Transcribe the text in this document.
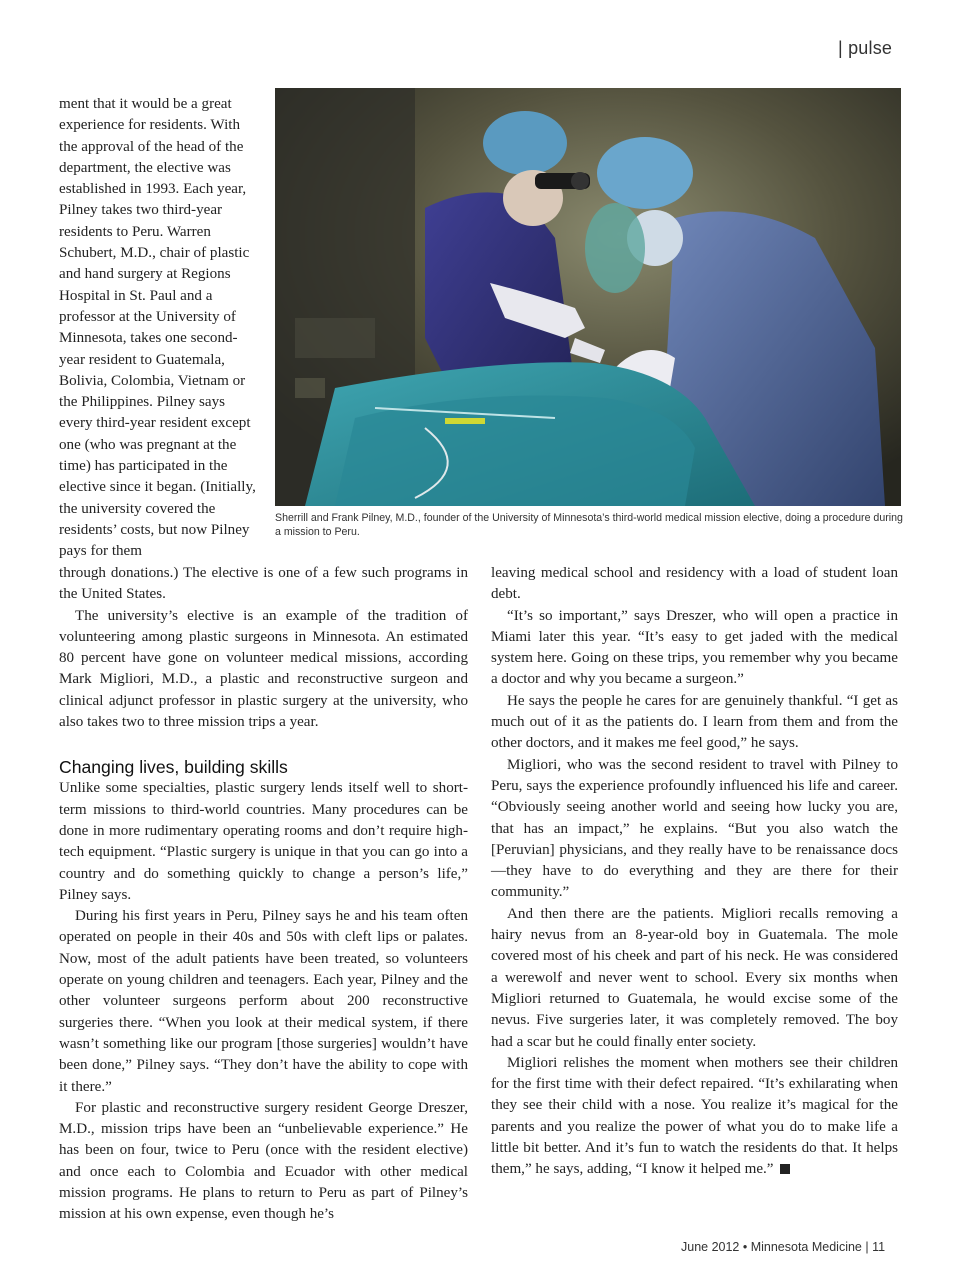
| pulse
Sherrill and Frank Pilney, M.D., founder of the University of Minnesota’s third-world medical mission elective, doing a procedure during a mission to Peru.

ment that it would be a great experience for residents. With the approval of the head of the department, the elective was established in 1993. Each year, Pilney takes two third-year residents to Peru. Warren Schubert, M.D., chair of plastic and hand surgery at Regions Hospital in St. Paul and a professor at the University of Minnesota, takes one second-year resident to Guatemala, Bolivia, Colombia, Vietnam or the Philippines. Pilney says every third-year resident except one (who was pregnant at the time) has participated in the elective since it began. (Initially, the university covered the residents’ costs, but now Pilney pays for them

through donations.) The elective is one of a few such programs in the United States.

The university’s elective is an example of the tradition of volunteering among plastic surgeons in Minnesota. An estimated 80 percent have gone on volunteer medical missions, according Mark Migliori, M.D., a plastic and reconstructive surgeon and clinical adjunct professor in plastic surgery at the university, who also takes two to three mission trips a year.

Changing lives, building skills

Unlike some specialties, plastic surgery lends itself well to short-term missions to third-world countries. Many procedures can be done in more rudimentary operating rooms and don’t require high-tech equipment. “Plastic surgery is unique in that you can go into a country and do something quickly to change a person’s life,” Pilney says.

During his first years in Peru, Pilney says he and his team often operated on people in their 40s and 50s with cleft lips or palates. Now, most of the adult patients have been treated, so volunteers operate on young children and teenagers. Each year, Pilney and the other volunteer surgeons perform about 200 reconstructive surgeries there. “When you look at their medical system, if there wasn’t something like our program [those surgeries] wouldn’t have been done,” Pilney says. “They don’t have the ability to cope with it there.”

For plastic and reconstructive surgery resident George Dreszer, M.D., mission trips have been an “unbelievable experience.” He has been on four, twice to Peru (once with the resident elective) and once each to Colombia and Ecuador with other medical mission programs. He plans to return to Peru as part of Pilney’s mission at his own expense, even though he’s

leaving medical school and residency with a load of student loan debt.

“It’s so important,” says Dreszer, who will open a practice in Miami later this year. “It’s easy to get jaded with the medical system here. Going on these trips, you remember why you became a doctor and why you became a surgeon.”

He says the people he cares for are genuinely thankful. “I get as much out of it as the patients do. I learn from them and from the other doctors, and it makes me feel good,” he says.

Migliori, who was the second resident to travel with Pilney to Peru, says the experience profoundly influenced his life and career. “Obviously seeing another world and seeing how lucky you are, that has an impact,” he explains. “But you also watch the [Peruvian] physicians, and they really have to be renaissance docs—they have to do everything and they are there for their community.”

And then there are the patients. Migliori recalls removing a hairy nevus from an 8-year-old boy in Guatemala. The mole covered most of his cheek and part of his neck. He was considered a werewolf and never went to school. Every six months when Migliori returned to Guatemala, he would excise some of the nevus. Five surgeries later, it was completely removed. The boy had a scar but he could finally enter society.

Migliori relishes the moment when mothers see their children for the first time with their defect repaired. “It’s exhilarating when they see their child with a nose. You realize it’s magical for the parents and you realize the power of what you do to make life a little bit better. And it’s fun to watch the residents do that. It helps them,” he says, adding, “I know it helped me.”

June 2012 • Minnesota Medicine | 11
